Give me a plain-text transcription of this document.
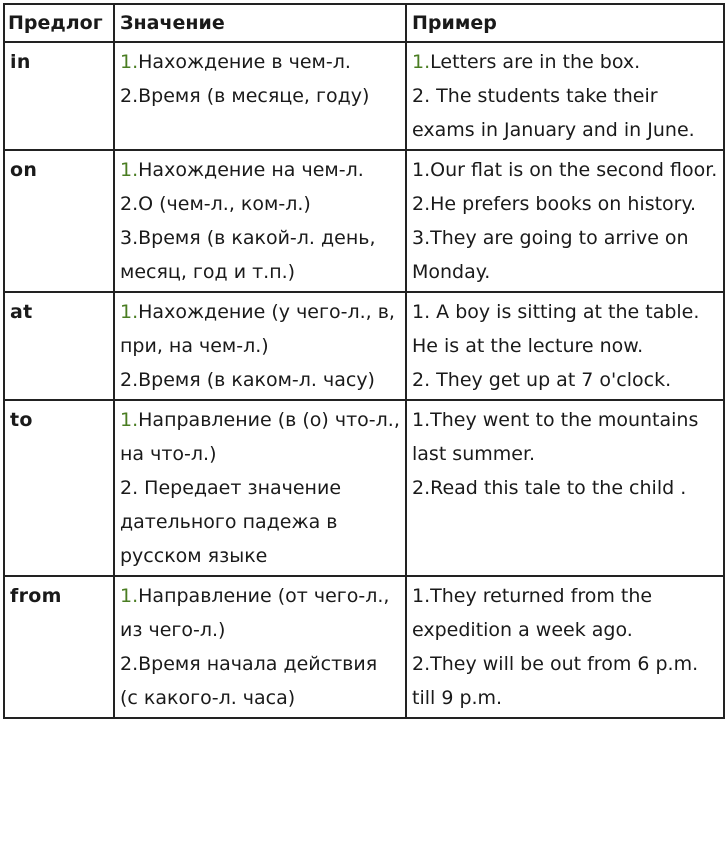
Предлог	Значение	Пример
in	1.Нахождение в чем-л.
2.Время (в месяце, году)	1.Letters are in the box.
2. The students take their exams in January and in June.

on	1.Нахождение на чем-л.
2.О (чем-л., ком-л.)
3.Время (в какой-л. день, месяц, год и т.п.)	1.Our flat is on the second floor.
2.He prefers books on history.
3.They are going to arrive on Monday.

at	1.Нахождение (у чего-л., в, при, на чем-л.)
2.Время (в каком-л. часу)	1. A boy is sitting at the table. He is at the lecture now.
2. They get up at 7 o'clock.

to	1.Направление (в (о) что-л., на что-л.)
2. Передает значение дательного падежа в русском языке	1.They went to the mountains last summer.
2.Read this tale to the child .

from	1.Направление (от чего-л., из чего-л.)
2.Время начала действия (с какого-л. часа)	1.They returned from the expedition a week ago.
2.They will be out from 6 p.m. till 9 p.m.
